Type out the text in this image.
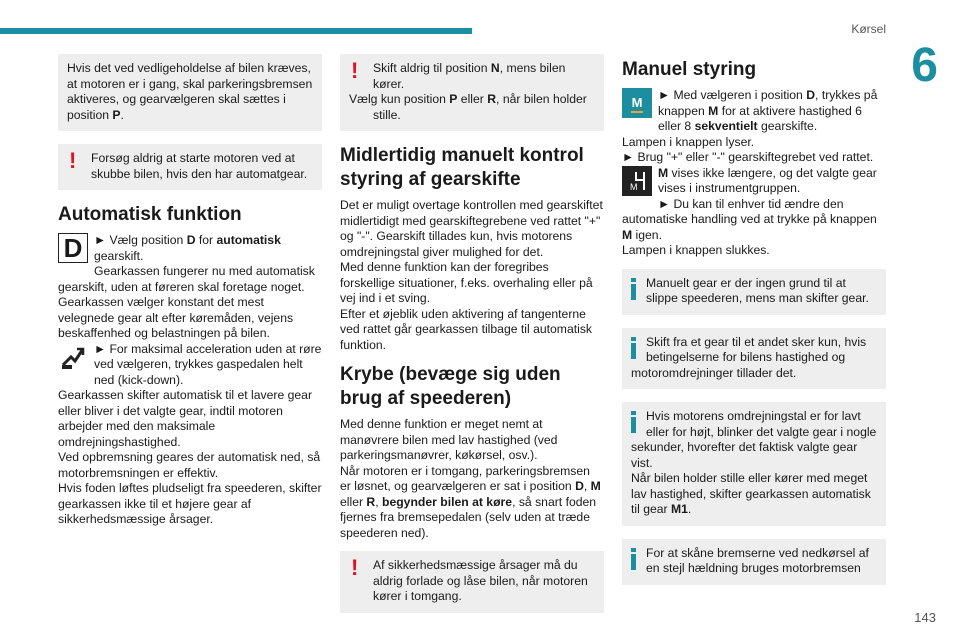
Kørsel
6
143
Hvis det ved vedligeholdelse af bilen kræves, at motoren er i gang, skal parkeringsbremsen aktiveres, og gearvælgeren skal sættes i position P.
! Forsøg aldrig at starte motoren ved at skubbe bilen, hvis den har automatgear.
Automatisk funktion
D ► Vælg position D for automatisk gearskift.

Gearkassen fungerer nu med automatisk gearskift, uden at føreren skal foretage noget. Gearkassen vælger konstant det mest velegnede gear alt efter køremåden, vejens beskaffenhed og belastningen på bilen.

► For maksimal acceleration uden at røre ved vælgeren, trykkes gaspedalen helt ned (kick-down).

Gearkassen skifter automatisk til et lavere gear eller bliver i det valgte gear, indtil motoren arbejder med den maksimale omdrejningshastighed.

Ved opbremsning geares der automatisk ned, så motorbremsningen er effektiv.

Hvis foden løftes pludseligt fra speederen, skifter gearkassen ikke til et højere gear af sikkerhedsmæssige årsager.

! Skift aldrig til position N, mens bilen kører.
Vælg kun position P eller R, når bilen holder stille.
Midlertidig manuelt kontrol styring af gearskifte

Det er muligt overtage kontrollen med gearskiftet midlertidigt med gearskiftegrebene ved rattet "+" og "-". Gearskift tillades kun, hvis motorens omdrejningstal giver mulighed for det.

Med denne funktion kan der foregribes forskellige situationer, f.eks. overhaling eller på vej ind i et sving.

Efter et øjeblik uden aktivering af tangenterne ved rattet går gearkassen tilbage til automatisk funktion.

Krybe (bevæge sig uden brug af speederen)

Med denne funktion er meget nemt at manøvrere bilen med lav hastighed (ved parkeringsmanøvrer, køkørsel, osv.).

Når motoren er i tomgang, parkeringsbremsen er løsnet, og gearvælgeren er sat i position D, M eller R, begynder bilen at køre, så snart foden fjernes fra bremsepedalen (selv uden at træde speederen ned).

! Af sikkerhedsmæssige årsager må du aldrig forlade og låse bilen, når motoren kører i tomgang.
Manuel styring
M ► Med vælgeren i position D, trykkes på knappen M for at aktivere hastighed 6 eller 8 sekventielt gearskifte.

Lampen i knappen lyser.

► Brug "+" eller "-" gearskiftegrebet ved rattet.

M
M vises ikke længere, og det valgte gear vises i instrumentgruppen.

► Du kan til enhver tid ændre den automatiske handling ved at trykke på knappen M igen.

Lampen i knappen slukkes.

Manuelt gear er der ingen grund til at slippe speederen, mens man skifter gear.
Skift fra et gear til et andet sker kun, hvis betingelserne for bilens hastighed og motoromdrejninger tillader det.
Hvis motorens omdrejningstal er for lavt eller for højt, blinker det valgte gear i nogle sekunder, hvorefter det faktisk valgte gear vist.
Når bilen holder stille eller kører med meget lav hastighed, skifter gearkassen automatisk til gear M1.
For at skåne bremserne ved nedkørsel af en stejl hældning bruges motorbremsen
